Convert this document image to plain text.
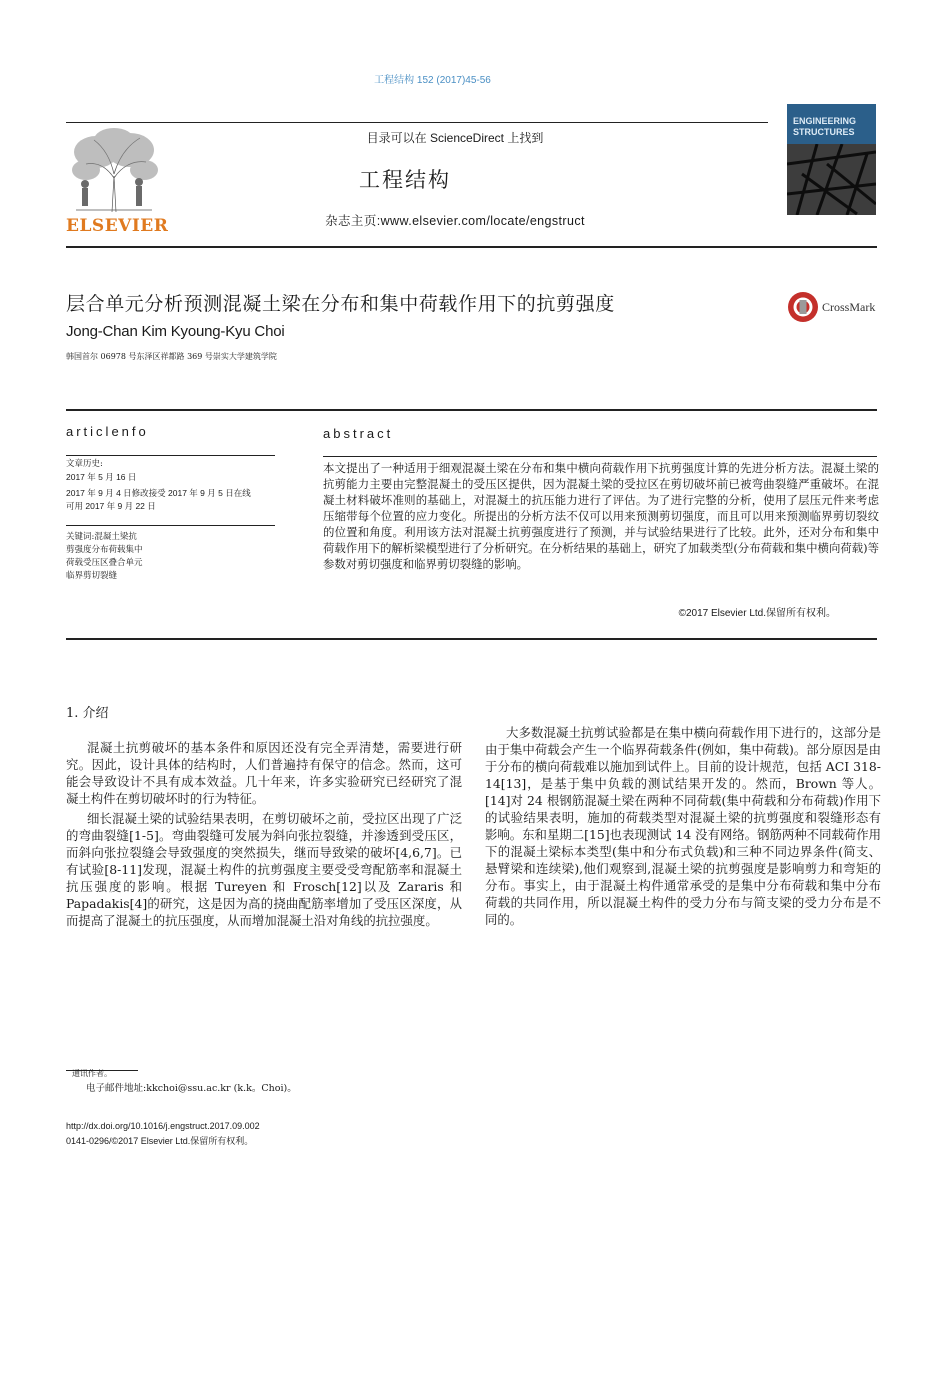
工程结构 152 (2017)45-56
ELSEVIER
目录可以在 ScienceDirect 上找到
工程结构
杂志主页:www.elsevier.com/locate/engstruct
ENGINEERING STRUCTURES
层合单元分析预测混凝土梁在分布和集中荷载作用下的抗剪强度	CrossMark
Jong-Chan Kim Kyoung-Kyu Choi
韩国首尔 06978 号东泽区祥都路 369 号崇实大学建筑学院
articlenfo	abstract
文章历史:
2017 年 5 月 16 日
2017 年 9 月 4 日修改接受 2017 年 9 月 5 日在线可用 2017 年 9 月 22 日
关键词:混凝土梁抗
剪强度分布荷载集中
荷载受压区叠合单元
临界剪切裂缝
本文提出了一种适用于细观混凝土梁在分布和集中横向荷载作用下抗剪强度计算的先进分析方法。混凝土梁的抗剪能力主要由完整混凝土的受压区提供，因为混凝土梁的受拉区在剪切破坏前已被弯曲裂缝严重破坏。在混凝土材料破坏准则的基础上，对混凝土的抗压能力进行了评估。为了进行完整的分析，使用了层压元件来考虑压缩带每个位置的应力变化。所提出的分析方法不仅可以用来预测剪切强度，而且可以用来预测临界剪切裂纹的位置和角度。利用该方法对混凝土抗剪强度进行了预测，并与试验结果进行了比较。此外，还对分布和集中荷载作用下的解析梁模型进行了分析研究。在分析结果的基础上，研究了加载类型(分布荷载和集中横向荷载)等参数对剪切强度和临界剪切裂缝的影响。
©2017 Elsevier Ltd.保留所有权利。
1. 介绍

混凝土抗剪破坏的基本条件和原因还没有完全弄清楚，需要进行研究。因此，设计具体的结构时，人们普遍持有保守的信念。然而，这可能会导致设计不具有成本效益。几十年来，许多实验研究已经研究了混凝土构件在剪切破坏时的行为特征。

细长混凝土梁的试验结果表明，在剪切破坏之前，受拉区出现了广泛的弯曲裂缝[1-5]。弯曲裂缝可发展为斜向张拉裂缝，并渗透到受压区，而斜向张拉裂缝会导致强度的突然损失，继而导致梁的破坏[4,6,7]。已有试验[8-11]发现，混凝土构件的抗剪强度主要受受弯配筋率和混凝土抗压强度的影响。根据 Tureyen 和 Frosch[12]以及 Zararis 和 Papadakis[4]的研究，这是因为高的挠曲配筋率增加了受压区深度，从而提高了混凝土的抗压强度，从而增加混凝土沿对角线的抗拉强度。

大多数混凝土抗剪试验都是在集中横向荷载作用下进行的，这部分是由于集中荷载会产生一个临界荷载条件(例如，集中荷载)。部分原因是由于分布的横向荷载难以施加到试件上。目前的设计规范，包括 ACI 318-14[13]，是基于集中负载的测试结果开发的。然而，Brown 等人。[14]对 24 根钢筋混凝土梁在两种不同荷载(集中荷载和分布荷载)作用下的试验结果表明，施加的荷载类型对混凝土梁的抗剪强度和裂缝形态有影响。东和星期二[15]也表现测试 14 没有网络。钢筋两种不同载荷作用下的混凝土梁标本类型(集中和分布式负载)和三种不同边界条件(简支、悬臂梁和连续梁),他们观察到,混凝土梁的抗剪强度是影响剪力和弯矩的分布。事实上，由于混凝土构件通常承受的是集中分布荷载和集中分布荷载的共同作用，所以混凝土构件的受力分布与简支梁的受力分布是不同的。

通讯作者。
电子邮件地址:kkchoi@ssu.ac.kr (k.k。Choi)。
http://dx.doi.org/10.1016/j.engstruct.2017.09.002
0141-0296/©2017 Elsevier Ltd.保留所有权利。
